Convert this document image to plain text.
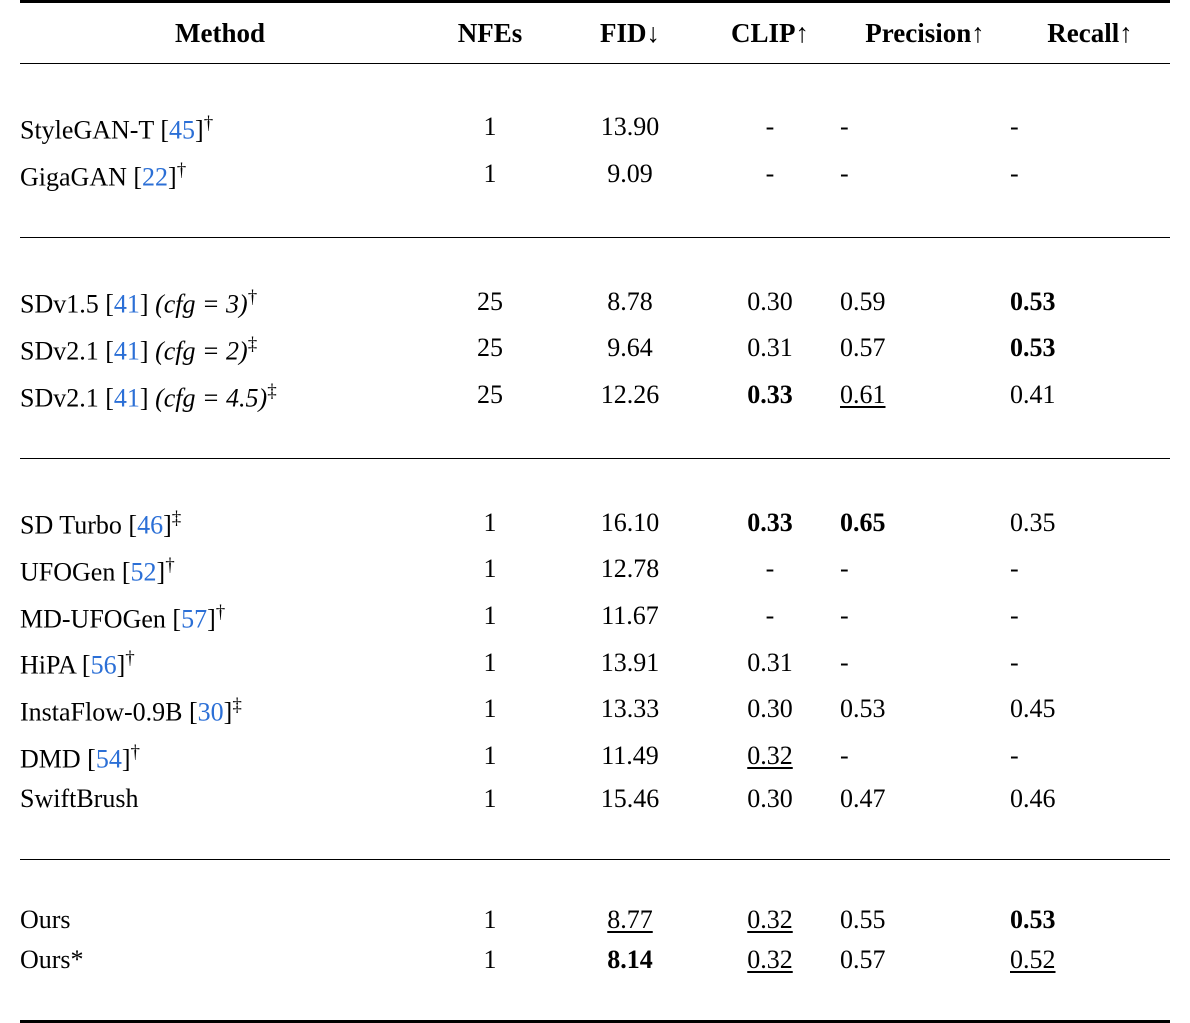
Method	NFEs	FID↓	CLIP↑	Precision↑	Recall↑

StyleGAN-T [45]†	1	13.90	-	-	-
GigaGAN [22]†	1	9.09	-	-	-

SDv1.5 [41] (cfg = 3)†	25	8.78	0.30	0.59	0.53
SDv2.1 [41] (cfg = 2)‡	25	9.64	0.31	0.57	0.53
SDv2.1 [41] (cfg = 4.5)‡	25	12.26	0.33	0.61	0.41

SD Turbo [46]‡	1	16.10	0.33	0.65	0.35
UFOGen [52]†	1	12.78	-	-	-
MD-UFOGen [57]†	1	11.67	-	-	-
HiPA [56]†	1	13.91	0.31	-	-
InstaFlow-0.9B [30]‡	1	13.33	0.30	0.53	0.45
DMD [54]†	1	11.49	0.32	-	-
SwiftBrush	1	15.46	0.30	0.47	0.46

Ours	1	8.77	0.32	0.55	0.53
Ours*	1	8.14	0.32	0.57	0.52
